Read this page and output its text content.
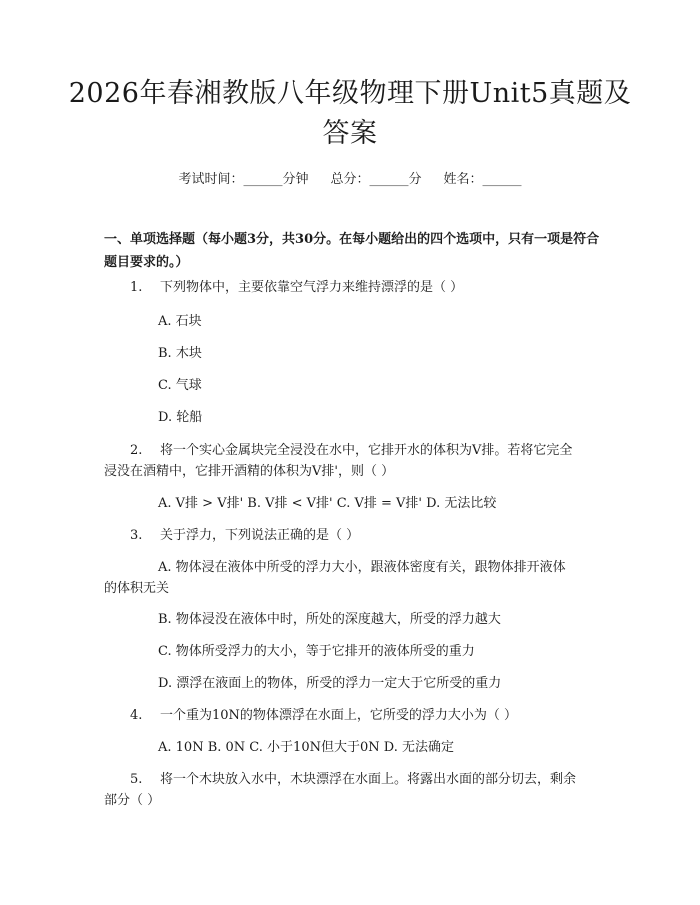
2026年春湘教版八年级物理下册Unit5真题及答案
考试时间：______分钟 总分：______分 姓名：______

一、单项选择题（每小题3分，共30分。在每小题给出的四个选项中，只有一项是符合题目要求的。）

1. 下列物体中，主要依靠空气浮力来维持漂浮的是（ ）
A. 石块
B. 木块
C. 气球
D. 轮船
2. 将一个实心金属块完全浸没在水中，它排开水的体积为V排。若将它完全
浸没在酒精中，它排开酒精的体积为V排'，则（ ）
A. V排 > V排' B. V排 < V排' C. V排 = V排' D. 无法比较
3. 关于浮力，下列说法正确的是（ ）
A. 物体浸在液体中所受的浮力大小，跟液体密度有关，跟物体排开液体
的体积无关
B. 物体浸没在液体中时，所处的深度越大，所受的浮力越大
C. 物体所受浮力的大小，等于它排开的液体所受的重力
D. 漂浮在液面上的物体，所受的浮力一定大于它所受的重力
4. 一个重为10N的物体漂浮在水面上，它所受的浮力大小为（ ）
A. 10N B. 0N C. 小于10N但大于0N D. 无法确定
5. 将一个木块放入水中，木块漂浮在水面上。将露出水面的部分切去，剩余
部分（ ）
